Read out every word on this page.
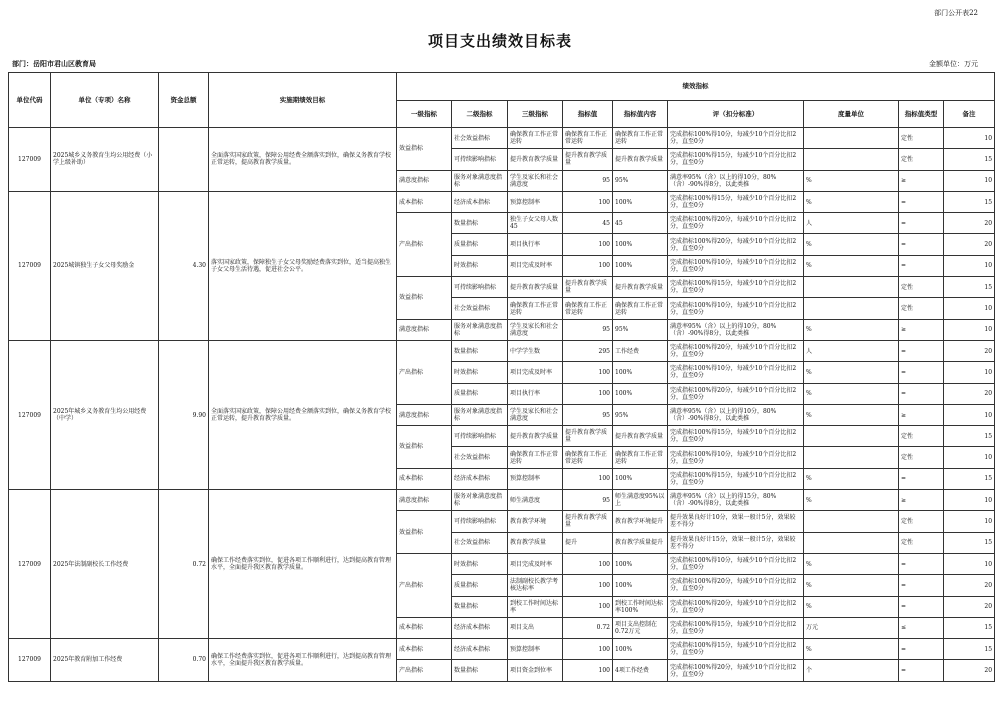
部门公开表22
项目支出绩效目标表
部门：岳阳市君山区教育局	金额单位：万元
单位代码	单位（专项）名称	资金总额	实施期绩效目标	绩效指标								
				一级指标	二级指标	三级指标	指标值	指标值内容	评（扣分标准）	度量单位	指标值类型	备注
127009	2025城乡义务教育生均公用经费（小学上级补助）		全面落实国家政策，保障公用经费全额落实到位，确保义务教育学校正常运转，提高教育教学质量。	效益指标	社会效益指标	确保教育工作正常运转	确保教育工作正常运转	确保教育工作正常运转	完成指标100%得10分，每减少10个百分比扣2分，直至0分		定性	10
					可持续影响指标	提升教育教学质量	提升教育教学质量	提升教育教学质量	完成指标100%得15分，每减少10个百分比扣2分，直至0分		定性	15
				满意度指标	服务对象满意度指标	学生及家长和社会满意度	95	95%	满意率95%（含）以上的得10分，80%（含）-90%得8分，以此类推	%	≥	10
127009	2025城镇独生子女父母奖励金	4.30	落实国家政策，保障独生子女父母奖励经费落实到位，适当提高独生子女父母生活待遇，促进社会公平。	成本指标	经济成本指标	预算控制率	100	100%	完成指标100%得15分，每减少10个百分比扣2分，直至0分	%	=	15
				产出指标	数量指标	独生子女父母人数45	45	45	完成指标100%得20分，每减少10个百分比扣2分，直至0分	人	=	20
					质量指标	项目执行率	100	100%	完成指标100%得20分，每减少10个百分比扣2分，直至0分	%	=	20
					时效指标	项目完成及时率	100	100%	完成指标100%得10分，每减少10个百分比扣2分，直至0分	%	=	10
				效益指标	可持续影响指标	提升教育教学质量	提升教育教学质量	提升教育教学质量	完成指标100%得15分，每减少10个百分比扣2分，直至0分		定性	15
					社会效益指标	确保教育工作正常运转	确保教育工作正常运转	确保教育工作正常运转	完成指标100%得10分，每减少10个百分比扣2分，直至0分		定性	10
				满意度指标	服务对象满意度指标	学生及家长和社会满意度	95	95%	满意率95%（含）以上的得10分，80%（含）-90%得8分，以此类推	%	≥	10
127009	2025年城乡义务教育生均公用经费（中学）	9.90	全面落实国家政策，保障公用经费全额落实到位，确保义务教育学校正常运转，提升教育教学质量。	产出指标	数量指标	中学学生数	295	工作经费	完成指标100%得20分，每减少10个百分比扣2分，直至0分	人	=	20
					时效指标	项目完成及时率	100	100%	完成指标100%得10分，每减少10个百分比扣2分，直至0分	%	=	10
					质量指标	项目执行率	100	100%	完成指标100%得20分，每减少10个百分比扣2分，直至0分	%	=	20
				满意度指标	服务对象满意度指标	学生及家长和社会满意度	95	95%	满意率95%（含）以上的得10分，80%（含）-90%得8分，以此类推	%	≥	10
				效益指标	可持续影响指标	提升教育教学质量	提升教育教学质量	提升教育教学质量	完成指标100%得15分，每减少10个百分比扣2分，直至0分		定性	15
					社会效益指标	确保教育工作正常运转	确保教育工作正常运转	确保教育工作正常运转	完成指标100%得10分，每减少10个百分比扣2分，直至0分		定性	10
				成本指标	经济成本指标	预算控制率	100	100%	完成指标100%得15分，每减少10个百分比扣2分，直至0分	%	=	15
127009	2025年法制副校长工作经费	0.72	确保工作经费落实到位，促进各项工作顺利进行，达到提高教育管理水平，全面提升我区教育教学质量。	满意度指标	服务对象满意度指标	师生满意度	95	师生满意度95%以上	满意率95%（含）以上的得15分，80%（含）-90%得8分，以此类推	%	≥	10
				效益指标	可持续影响指标	教育教学环境	提升教育教学质量	教育教学环境提升	提升效果良好计10分，效果一般计5分，效果较差不得分		定性	10
					社会效益指标	教育教学质量	提升	教育教学质量提升	提升效果良好计15分，效果一般计5分，效果较差不得分		定性	15
				产出指标	时效指标	项目完成及时率	100	100%	完成指标100%得10分，每减少10个百分比扣2分，直至0分	%	=	10
					质量指标	法制副校长教学考核达标率	100	100%	完成指标100%得20分，每减少10个百分比扣2分，直至0分	%	=	20
					数量指标	到校工作时间达标率	100	到校工作时间达标率100%	完成指标100%得20分，每减少10个百分比扣2分，直至0分	%	=	20
				成本指标	经济成本指标	项目支出	0.72	项目支出控制在0.72万元	完成指标100%得15分，每减少10个百分比扣2分，直至0分	万元	≤	15
127009	2025年教育附加工作经费	0.70	确保工作经费落实到位，促进各项工作顺利进行，达到提高教育管理水平，全面提升我区教育教学质量。	成本指标	经济成本指标	预算控制率	100	100%	完成指标100%得15分，每减少10个百分比扣2分，直至0分	%	=	15
				产出指标	数量指标	项目资金到位率	100	4项工作经费	完成指标100%得20分，每减少10个百分比扣2分，直至0分	个	=	20
